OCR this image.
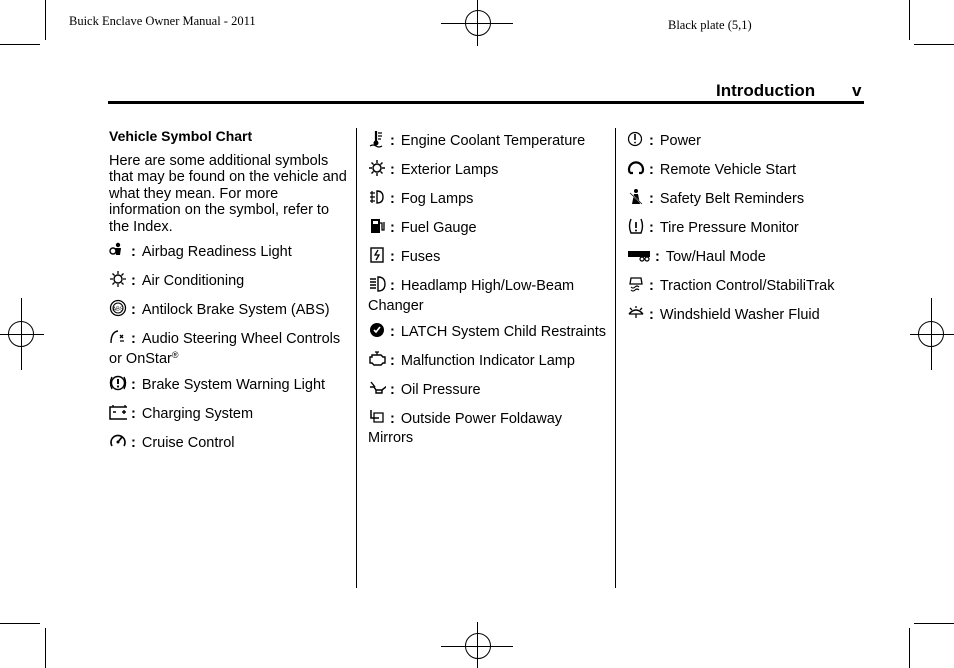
Buick Enclave Owner Manual - 2011	Black plate (5,1)
Introduction v
Vehicle Symbol Chart
Here are some additional symbols that may be found on the vehicle and what they mean. For more information on the symbol, refer to the Index.
: Airbag Readiness Light
: Air Conditioning
ABS : Antilock Brake System (ABS)
: Audio Steering Wheel Controls or OnStar®
: Brake System Warning Light
: Charging System
: Cruise Control
: Engine Coolant Temperature
: Exterior Lamps
: Fog Lamps
: Fuel Gauge
: Fuses
: Headlamp High/Low-Beam Changer
: LATCH System Child Restraints
: Malfunction Indicator Lamp
: Oil Pressure
: Outside Power Foldaway Mirrors
: Power
: Remote Vehicle Start
: Safety Belt Reminders
: Tire Pressure Monitor
: Tow/Haul Mode
: Traction Control/StabiliTrak
: Windshield Washer Fluid
